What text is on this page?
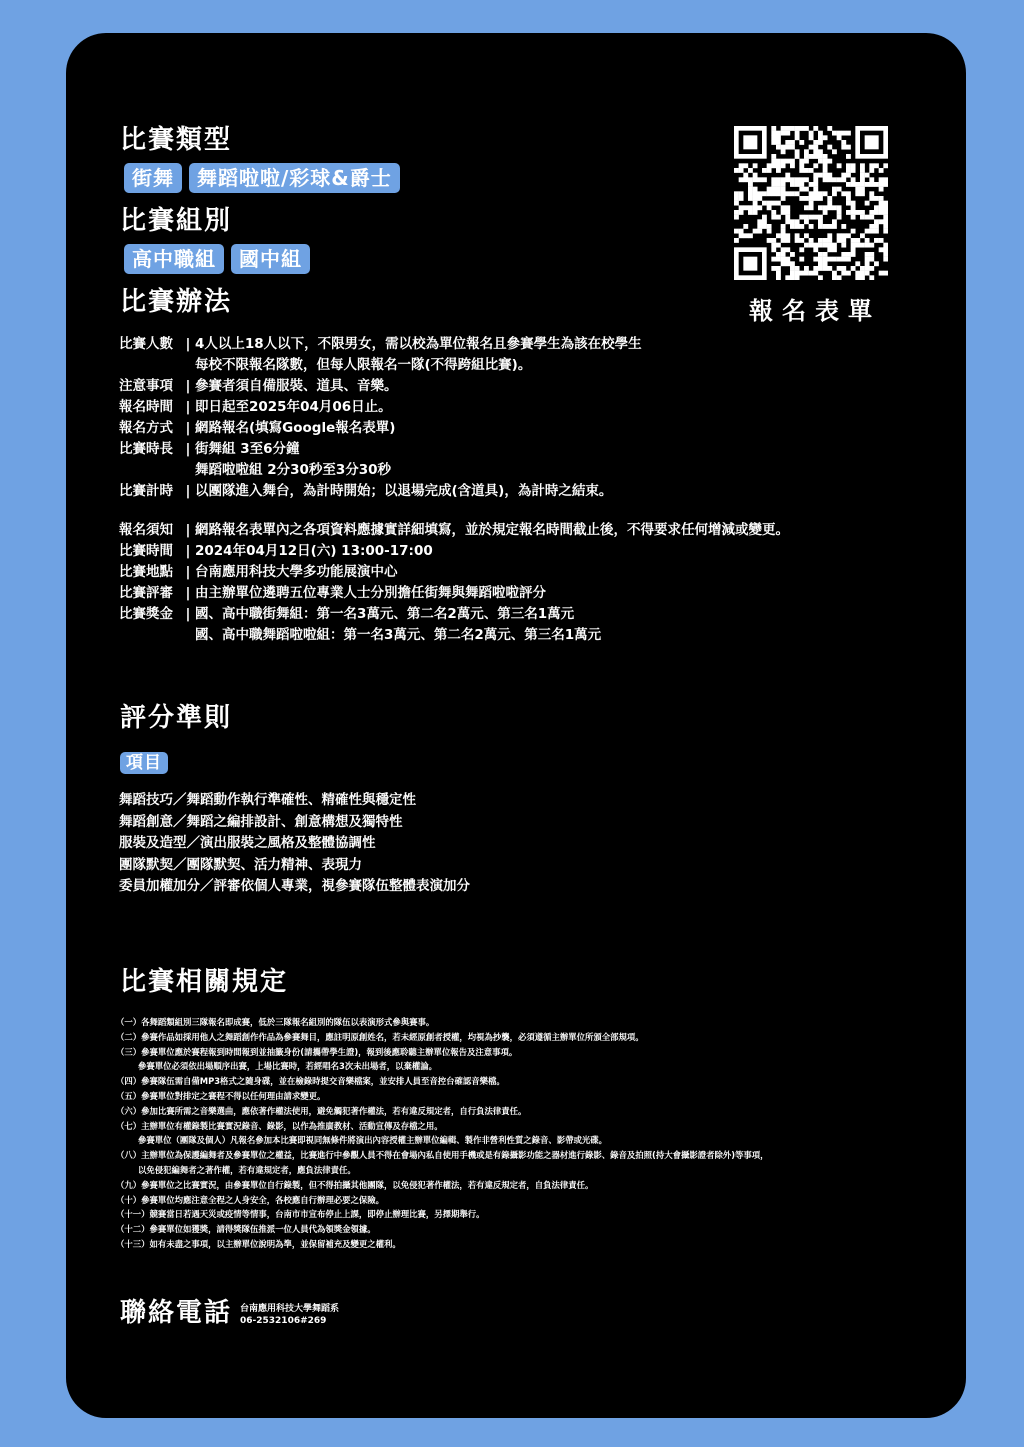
比賽類型
街舞	舞蹈啦啦/彩球&爵士
比賽組別
高中職組	國中組
比賽辦法	報名表單
比賽人數 | 4人以上18人以下，不限男女，需以校為單位報名且參賽學生為該在校學生
每校不限報名隊數，但每人限報名一隊(不得跨組比賽)。
注意事項 | 參賽者須自備服裝、道具、音樂。
報名時間 | 即日起至2025年04月06日止。
報名方式 | 網路報名(填寫Google報名表單)
比賽時長 | 街舞組 3至6分鐘
舞蹈啦啦組 2分30秒至3分30秒
比賽計時 | 以團隊進入舞台，為計時開始；以退場完成(含道具)，為計時之結束。
報名須知 | 網路報名表單內之各項資料應據實詳細填寫，並於規定報名時間截止後，不得要求任何增減或變更。
比賽時間 | 2024年04月12日(六) 13:00-17:00
比賽地點 | 台南應用科技大學多功能展演中心
比賽評審 | 由主辦單位遴聘五位專業人士分別擔任街舞與舞蹈啦啦評分
比賽獎金 | 國、高中職街舞組：第一名3萬元、第二名2萬元、第三名1萬元
國、高中職舞蹈啦啦組：第一名3萬元、第二名2萬元、第三名1萬元
評分準則
項目
舞蹈技巧／舞蹈動作執行準確性、精確性與穩定性
舞蹈創意／舞蹈之編排設計、創意構想及獨特性
服裝及造型／演出服裝之風格及整體協調性
團隊默契／團隊默契、活力精神、表現力
委員加權加分／評審依個人專業，視參賽隊伍整體表演加分
比賽相關規定
（一）各舞蹈類組別三隊報名即成賽，低於三隊報名組別的隊伍以表演形式參與賽事。
（二）參賽作品如採用他人之舞蹈創作作品為參賽舞目，應註明原創姓名，若未經原創者授權，均視為抄襲，必須遵循主辦單位所頒全部規項。
（三）參賽單位應於賽程報到時間報到並抽籤身份(請攜帶學生證)，報到後應聆聽主辦單位報告及注意事項。
參賽單位必須依出場順序出賽，上場比賽時，若經唱名3次未出場者，以棄權論。
（四）參賽隊伍需自備MP3格式之隨身碟，並在檢錄時提交音樂檔案，並安排人員至音控台確認音樂檔。
（五）參賽單位對排定之賽程不得以任何理由請求變更。
（六）參加比賽所需之音樂選曲，應依著作權法使用，避免觸犯著作權法，若有違反規定者，自行負法律責任。
（七）主辦單位有權錄製比賽實況錄音、錄影，以作為推廣教材、活動宣傳及存檔之用。
參賽單位（團隊及個人）凡報名參加本比賽即視同無條件將演出內容授權主辦單位編輯、製作非營利性質之錄音、影帶或光碟。
（八）主辦單位為保護編舞者及參賽單位之權益，比賽進行中參觀人員不得在會場內私自使用手機或是有錄攝影功能之器材進行錄影、錄音及拍照(持大會攝影證者除外)等事項，
以免侵犯編舞者之著作權，若有違規定者，應負法律責任。
（九）參賽單位之比賽實況，由參賽單位自行錄製，但不得拍攝其他團隊，以免侵犯著作權法，若有違反規定者，自負法律責任。
（十）參賽單位均應注意全程之人身安全，各校應自行辦理必要之保險。
（十一）競賽當日若遇天災或疫情等情事，台南市市宣布停止上課，即停止辦理比賽，另擇期舉行。
（十二）參賽單位如獲獎，請得獎隊伍推派一位人員代為領獎金領據。
（十三）如有未盡之事項，以主辦單位說明為準，並保留補充及變更之權利。
聯絡電話 台南應用科技大學舞蹈系
06-2532106#269
